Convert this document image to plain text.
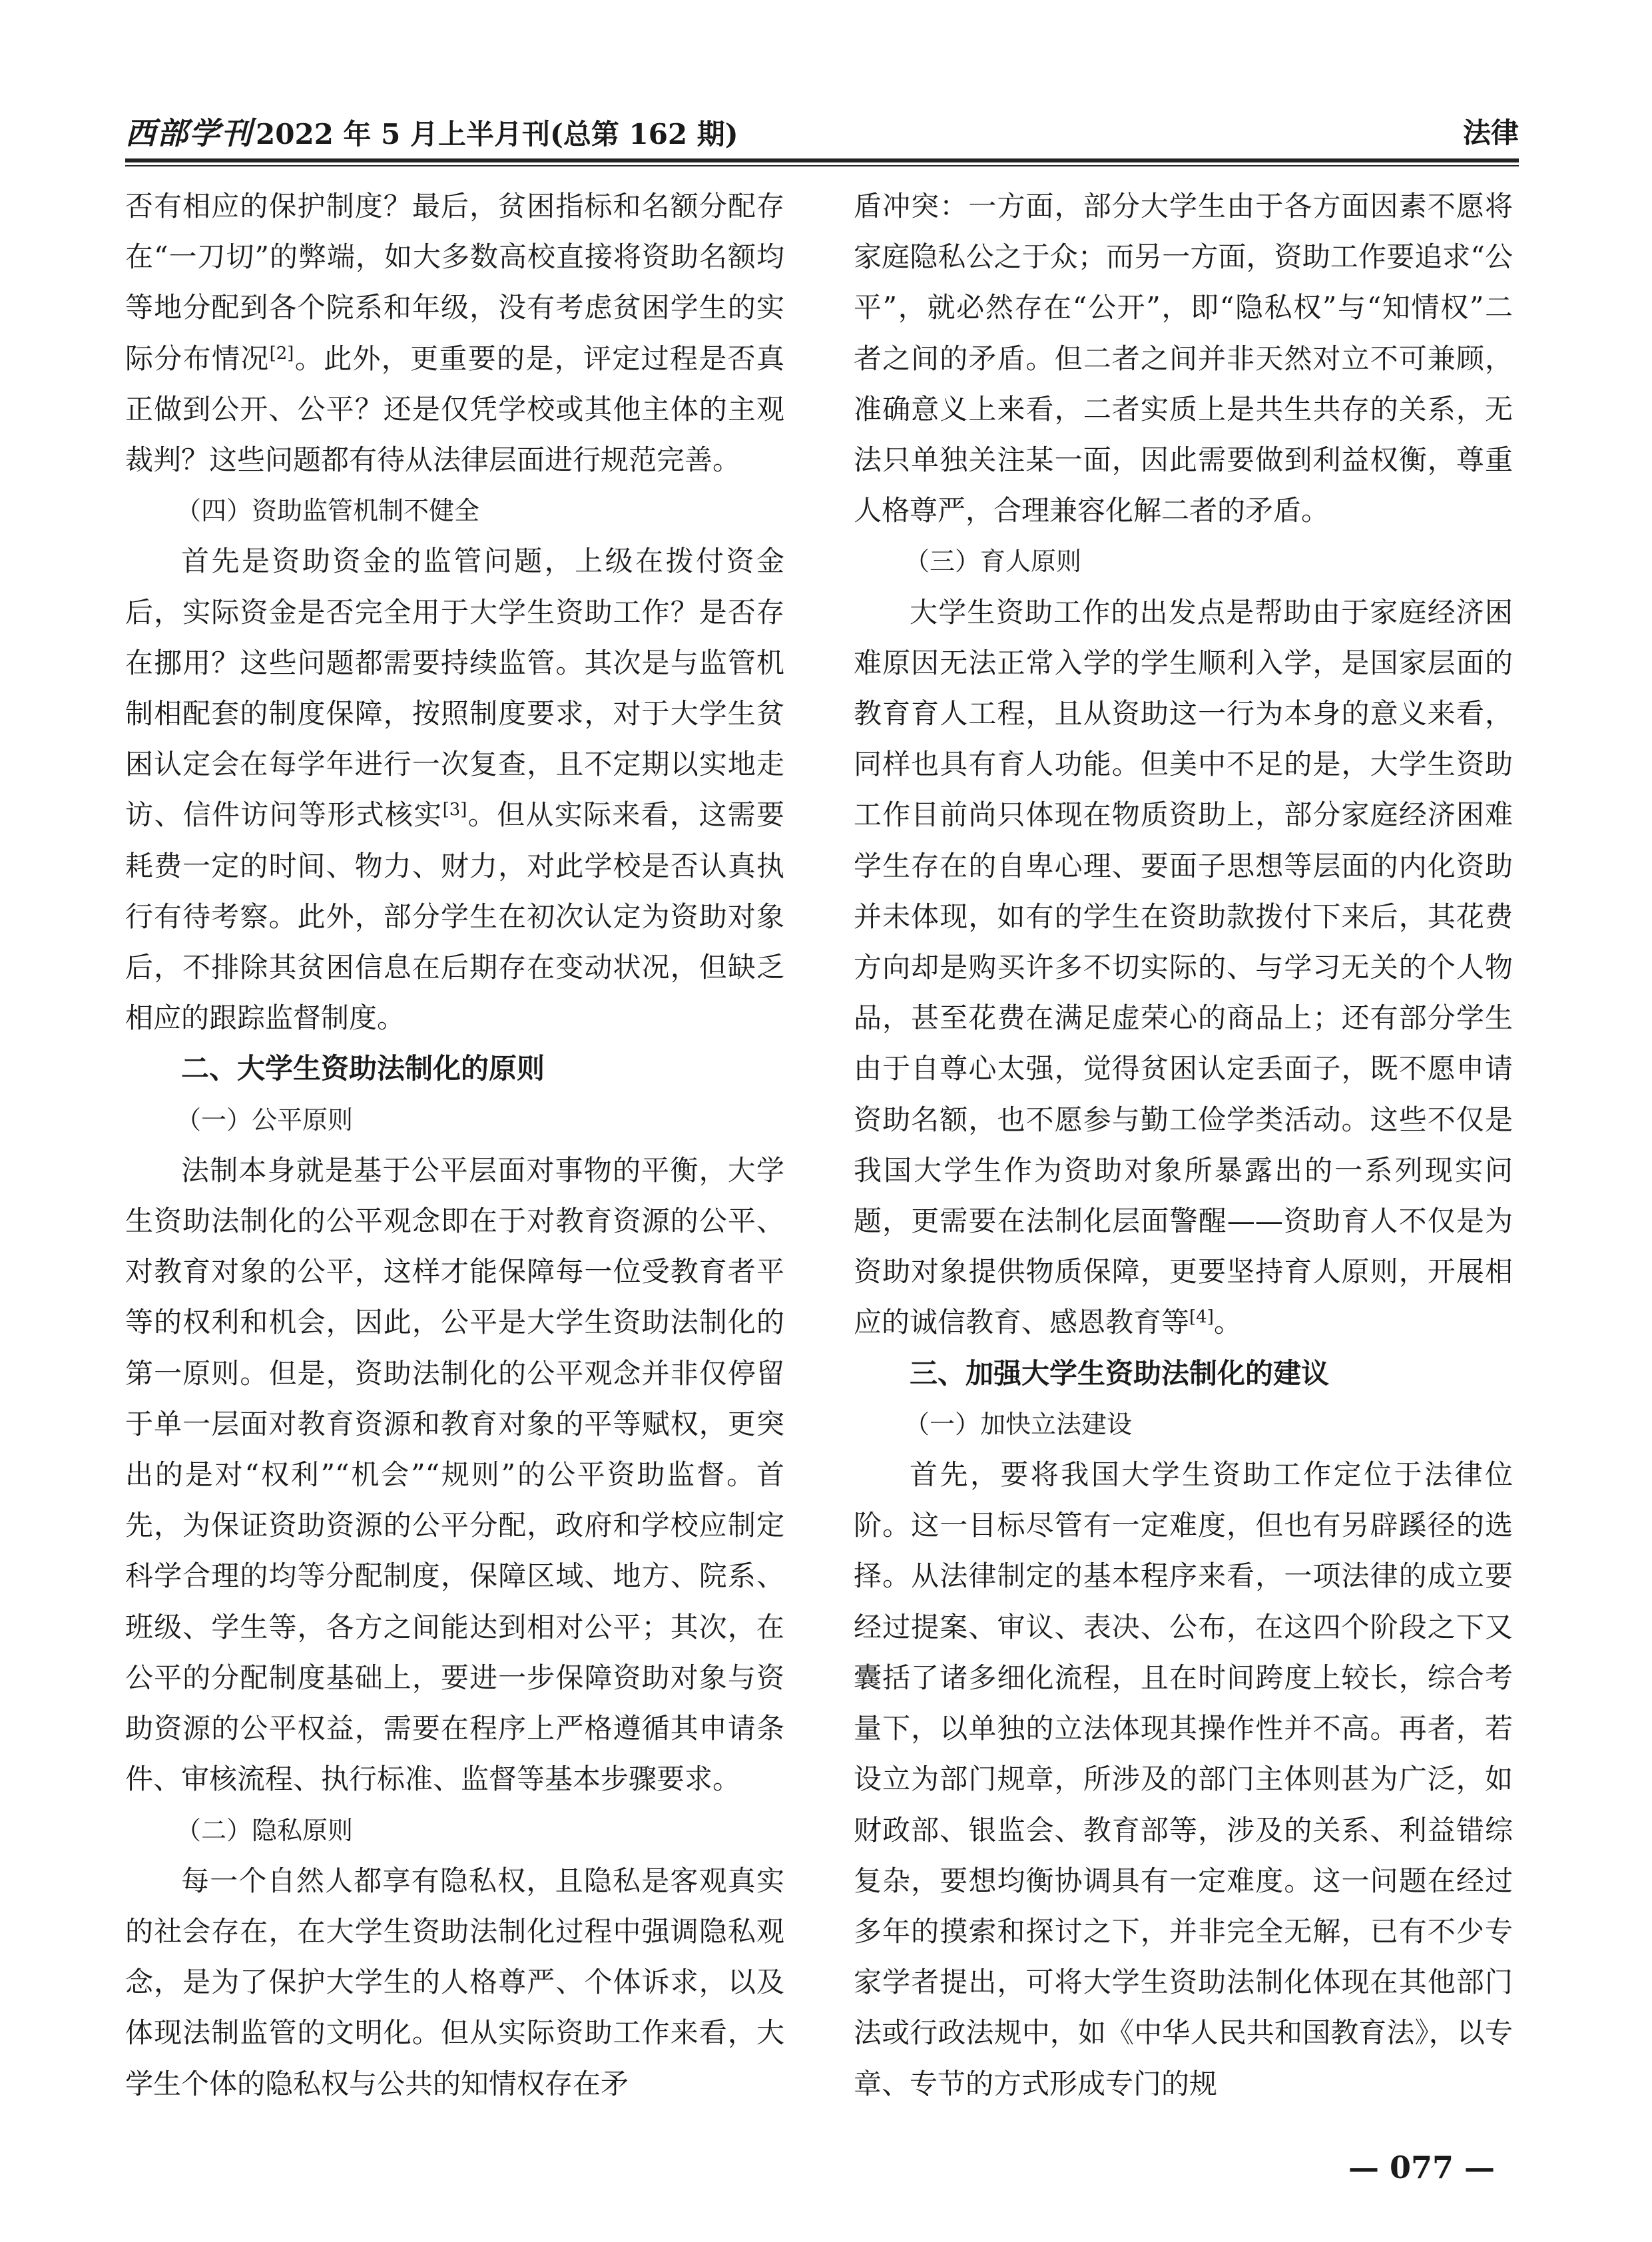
西部学刊2022 年 5 月上半月刊(总第 162 期)	法律

否有相应的保护制度？最后，贫困指标和名额分配存在“一刀切”的弊端，如大多数高校直接将资助名额均等地分配到各个院系和年级，没有考虑贫困学生的实际分布情况[2]。此外，更重要的是，评定过程是否真正做到公开、公平？还是仅凭学校或其他主体的主观裁判？这些问题都有待从法律层面进行规范完善。

（四）资助监管机制不健全

首先是资助资金的监管问题，上级在拨付资金后，实际资金是否完全用于大学生资助工作？是否存在挪用？这些问题都需要持续监管。其次是与监管机制相配套的制度保障，按照制度要求，对于大学生贫困认定会在每学年进行一次复查，且不定期以实地走访、信件访问等形式核实[3]。但从实际来看，这需要耗费一定的时间、物力、财力，对此学校是否认真执行有待考察。此外，部分学生在初次认定为资助对象后，不排除其贫困信息在后期存在变动状况，但缺乏相应的跟踪监督制度。

二、大学生资助法制化的原则

（一）公平原则

法制本身就是基于公平层面对事物的平衡，大学生资助法制化的公平观念即在于对教育资源的公平、对教育对象的公平，这样才能保障每一位受教育者平等的权利和机会，因此，公平是大学生资助法制化的第一原则。但是，资助法制化的公平观念并非仅停留于单一层面对教育资源和教育对象的平等赋权，更突出的是对“权利”“机会”“规则”的公平资助监督。首先，为保证资助资源的公平分配，政府和学校应制定科学合理的均等分配制度，保障区域、地方、院系、班级、学生等，各方之间能达到相对公平；其次，在公平的分配制度基础上，要进一步保障资助对象与资助资源的公平权益，需要在程序上严格遵循其申请条件、审核流程、执行标准、监督等基本步骤要求。

（二）隐私原则

每一个自然人都享有隐私权，且隐私是客观真实的社会存在，在大学生资助法制化过程中强调隐私观念，是为了保护大学生的人格尊严、个体诉求，以及体现法制监管的文明化。但从实际资助工作来看，大学生个体的隐私权与公共的知情权存在矛

盾冲突：一方面，部分大学生由于各方面因素不愿将家庭隐私公之于众；而另一方面，资助工作要追求“公平”，就必然存在“公开”，即“隐私权”与“知情权”二者之间的矛盾。但二者之间并非天然对立不可兼顾，准确意义上来看，二者实质上是共生共存的关系，无法只单独关注某一面，因此需要做到利益权衡，尊重人格尊严，合理兼容化解二者的矛盾。

（三）育人原则

大学生资助工作的出发点是帮助由于家庭经济困难原因无法正常入学的学生顺利入学，是国家层面的教育育人工程，且从资助这一行为本身的意义来看，同样也具有育人功能。但美中不足的是，大学生资助工作目前尚只体现在物质资助上，部分家庭经济困难学生存在的自卑心理、要面子思想等层面的内化资助并未体现，如有的学生在资助款拨付下来后，其花费方向却是购买许多不切实际的、与学习无关的个人物品，甚至花费在满足虚荣心的商品上；还有部分学生由于自尊心太强，觉得贫困认定丢面子，既不愿申请资助名额，也不愿参与勤工俭学类活动。这些不仅是我国大学生作为资助对象所暴露出的一系列现实问题，更需要在法制化层面警醒——资助育人不仅是为资助对象提供物质保障，更要坚持育人原则，开展相应的诚信教育、感恩教育等[4]。

三、加强大学生资助法制化的建议

（一）加快立法建设

首先，要将我国大学生资助工作定位于法律位阶。这一目标尽管有一定难度，但也有另辟蹊径的选择。从法律制定的基本程序来看，一项法律的成立要经过提案、审议、表决、公布，在这四个阶段之下又囊括了诸多细化流程，且在时间跨度上较长，综合考量下，以单独的立法体现其操作性并不高。再者，若设立为部门规章，所涉及的部门主体则甚为广泛，如财政部、银监会、教育部等，涉及的关系、利益错综复杂，要想均衡协调具有一定难度。这一问题在经过多年的摸索和探讨之下，并非完全无解，已有不少专家学者提出，可将大学生资助法制化体现在其他部门法或行政法规中，如《中华人民共和国教育法》，以专章、专节的方式形成专门的规

— 077 —
